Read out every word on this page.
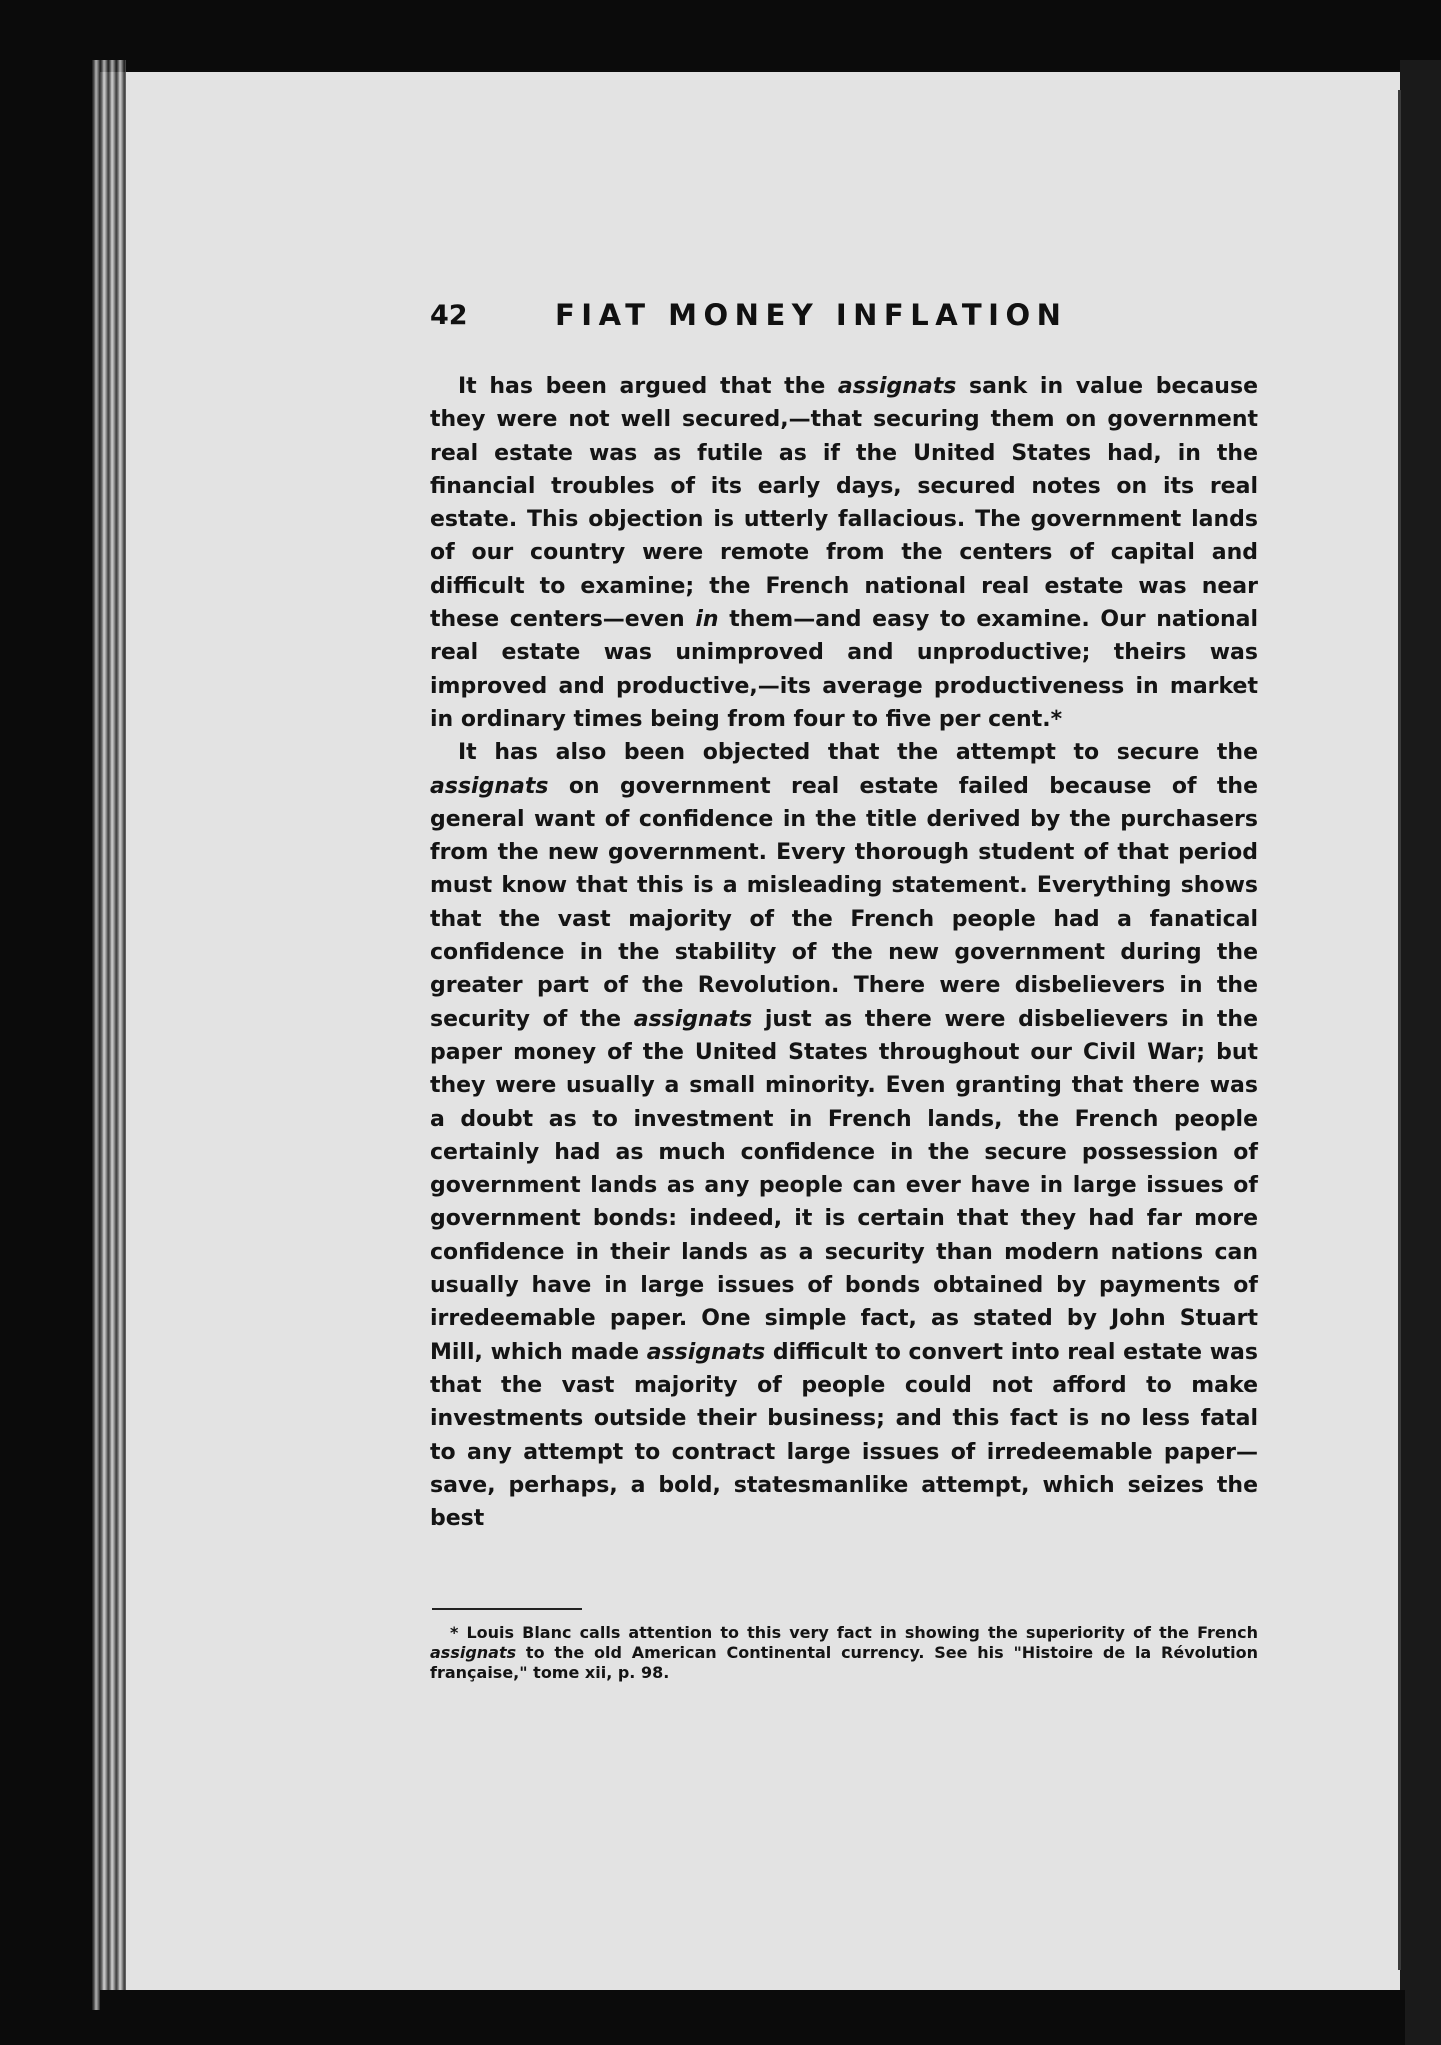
42	FIAT MONEY INFLATION

It has been argued that the assignats sank in value because they were not well secured,—that securing them on government real estate was as futile as if the United States had, in the financial troubles of its early days, secured notes on its real estate. This objection is utterly fallacious. The government lands of our country were remote from the centers of capital and difficult to examine; the French national real estate was near these centers—even in them—and easy to examine. Our national real estate was unimproved and unproductive; theirs was improved and productive,—its average productiveness in market in ordinary times being from four to five per cent.*

It has also been objected that the attempt to secure the assignats on government real estate failed because of the general want of confidence in the title derived by the purchasers from the new government. Every thorough student of that period must know that this is a misleading statement. Everything shows that the vast majority of the French people had a fanatical confidence in the stability of the new government during the greater part of the Revolution. There were disbelievers in the security of the assignats just as there were disbelievers in the paper money of the United States throughout our Civil War; but they were usually a small minority. Even granting that there was a doubt as to investment in French lands, the French people certainly had as much confidence in the secure possession of government lands as any people can ever have in large issues of government bonds: indeed, it is certain that they had far more confidence in their lands as a security than modern nations can usually have in large issues of bonds obtained by payments of irredeemable paper. One simple fact, as stated by John Stuart Mill, which made assignats difficult to convert into real estate was that the vast majority of people could not afford to make investments outside their business; and this fact is no less fatal to any attempt to contract large issues of irredeemable paper—save, perhaps, a bold, statesmanlike attempt, which seizes the best

* Louis Blanc calls attention to this very fact in showing the superiority of the French assignats to the old American Continental currency. See his "Histoire de la Révolution française," tome xii, p. 98.
